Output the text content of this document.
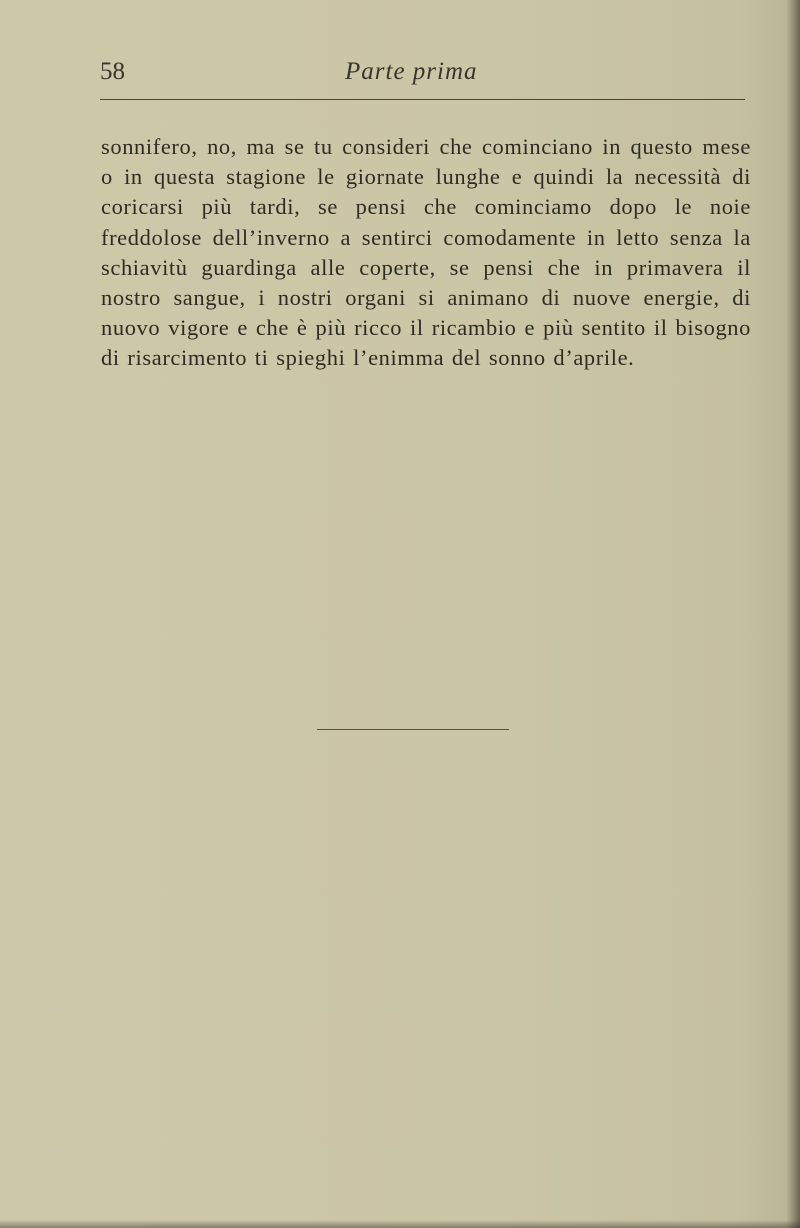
58	Parte prima

sonnifero, no, ma se tu consideri che cominciano in questo mese o in questa stagione le giornate lunghe e quindi la necessità di coricarsi più tardi, se pensi che cominciamo dopo le noie freddolose dell’inverno a sentirci comodamente in letto senza la schiavitù guardinga alle coperte, se pensi che in primavera il nostro sangue, i nostri organi si animano di nuove energie, di nuovo vigore e che è più ricco il ricambio e più sentito il bisogno di risarcimento ti spieghi l’enimma del sonno d’aprile.
